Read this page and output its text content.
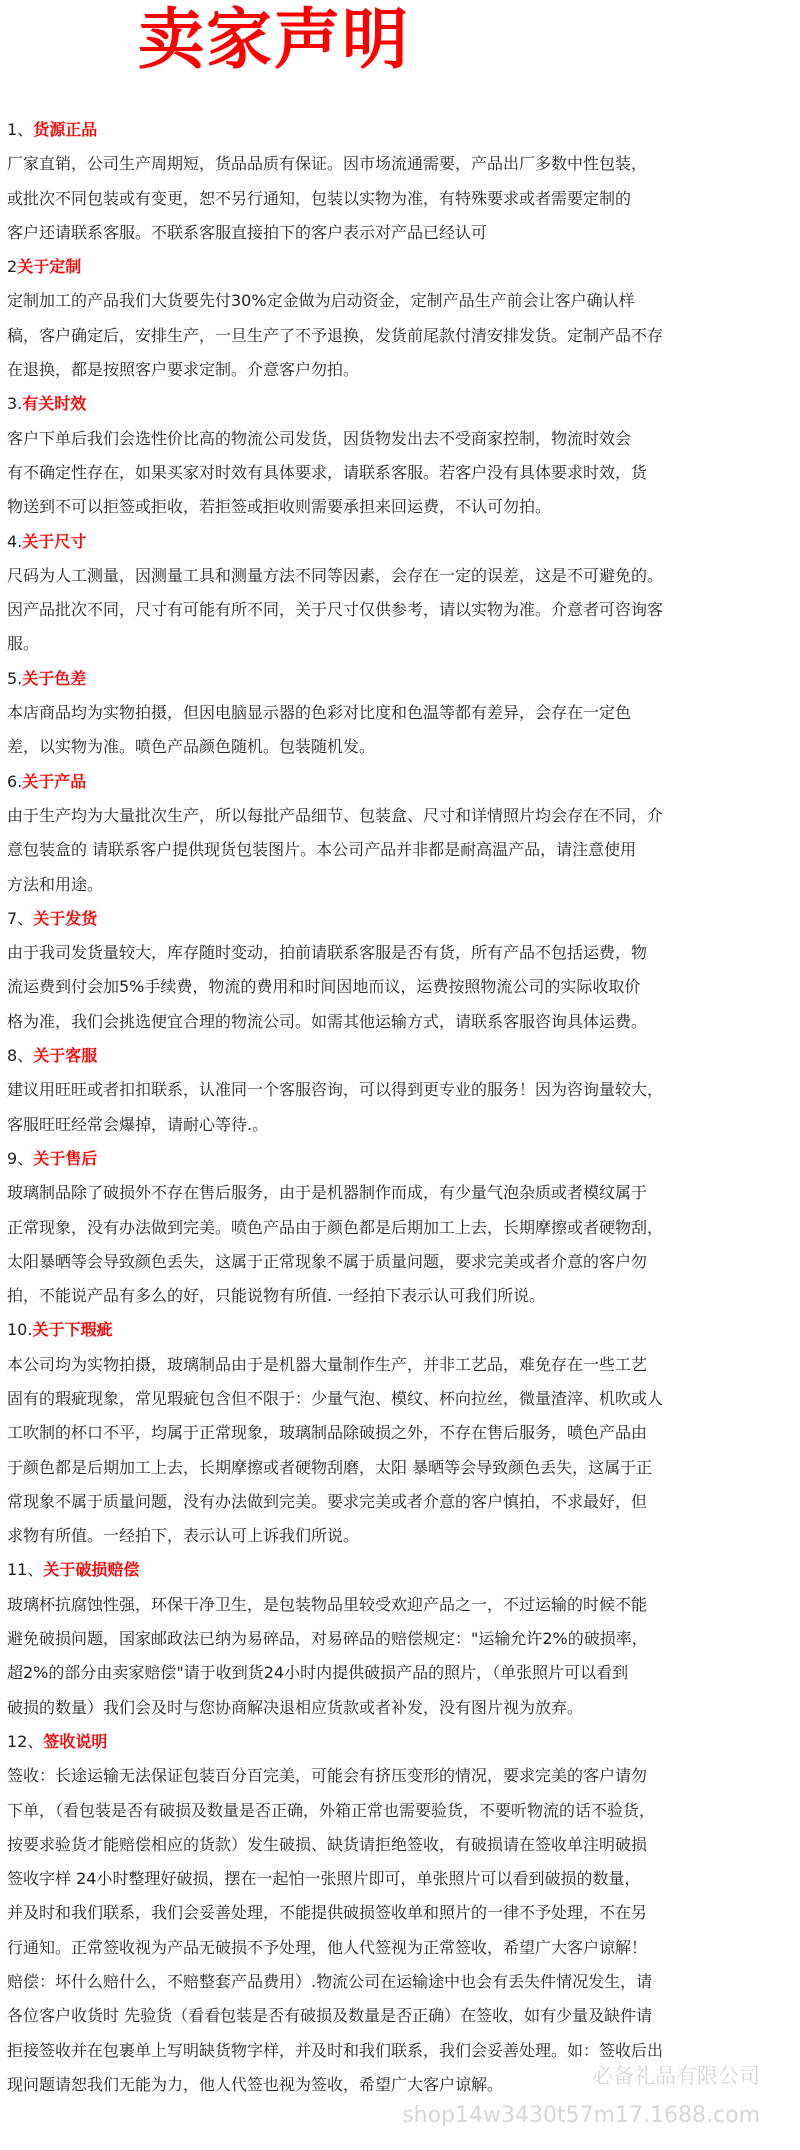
卖家声明
1、货源正品
厂家直销，公司生产周期短，货品品质有保证。因市场流通需要，产品出厂多数中性包装，
或批次不同包装或有变更，恕不另行通知，包装以实物为准，有特殊要求或者需要定制的
客户还请联系客服。不联系客服直接拍下的客户表示对产品已经认可
2关于定制
定制加工的产品我们大货要先付30%定金做为启动资金，定制产品生产前会让客户确认样
稿，客户确定后，安排生产，一旦生产了不予退换，发货前尾款付清安排发货。定制产品不存
在退换，都是按照客户要求定制。介意客户勿拍。
3.有关时效
客户下单后我们会选性价比高的物流公司发货，因货物发出去不受商家控制，物流时效会
有不确定性存在，如果买家对时效有具体要求，请联系客服。若客户没有具体要求时效，货
物送到不可以拒签或拒收，若拒签或拒收则需要承担来回运费，不认可勿拍。
4.关于尺寸
尺码为人工测量，因测量工具和测量方法不同等因素，会存在一定的误差，这是不可避免的。
因产品批次不同，尺寸有可能有所不同，关于尺寸仅供参考，请以实物为准。介意者可咨询客
服。
5.关于色差
本店商品均为实物拍摄，但因电脑显示器的色彩对比度和色温等都有差异，会存在一定色
差，以实物为准。喷色产品颜色随机。包装随机发。
6.关于产品
由于生产均为大量批次生产，所以每批产品细节、包装盒、尺寸和详情照片均会存在不同，介
意包装盒的 请联系客户提供现货包装图片。本公司产品并非都是耐高温产品，请注意使用
方法和用途。
7、关于发货
由于我司发货量较大，库存随时变动，拍前请联系客服是否有货，所有产品不包括运费，物
流运费到付会加5%手续费，物流的费用和时间因地而议，运费按照物流公司的实际收取价
格为准，我们会挑选便宜合理的物流公司。如需其他运输方式，请联系客服咨询具体运费。
8、关于客服
建议用旺旺或者扣扣联系，认准同一个客服咨询，可以得到更专业的服务！因为咨询量较大，
客服旺旺经常会爆掉，请耐心等待.。
9、关于售后
玻璃制品除了破损外不存在售后服务，由于是机器制作而成，有少量气泡杂质或者模纹属于
正常现象，没有办法做到完美。喷色产品由于颜色都是后期加工上去，长期摩擦或者硬物刮，
太阳暴晒等会导致颜色丢失，这属于正常现象不属于质量问题，要求完美或者介意的客户勿
拍，不能说产品有多么的好，只能说物有所值. 一经拍下表示认可我们所说。
10.关于下瑕疵
本公司均为实物拍摄，玻璃制品由于是机器大量制作生产，并非工艺品，难免存在一些工艺
固有的瑕疵现象，常见瑕疵包含但不限于：少量气泡、模纹、杯向拉丝，微量渣滓、机吹或人
工吹制的杯口不平，均属于正常现象，玻璃制品除破损之外，不存在售后服务，喷色产品由
于颜色都是后期加工上去，长期摩擦或者硬物刮磨，太阳 暴晒等会导致颜色丢失，这属于正
常现象不属于质量问题，没有办法做到完美。要求完美或者介意的客户慎拍，不求最好，但
求物有所值。一经拍下，表示认可上诉我们所说。
11、关于破损赔偿
玻璃杯抗腐蚀性强，环保干净卫生，是包装物品里较受欢迎产品之一，不过运输的时候不能
避免破损问题，国家邮政法已纳为易碎品，对易碎品的赔偿规定："运输允许2%的破损率，
超2%的部分由卖家赔偿"请于收到货24小时内提供破损产品的照片，（单张照片可以看到
破损的数量）我们会及时与您协商解决退相应货款或者补发，没有图片视为放弃。
12、签收说明
签收：长途运输无法保证包装百分百完美，可能会有挤压变形的情况，要求完美的客户请勿
下单，（看包装是否有破损及数量是否正确，外箱正常也需要验货，不要听物流的话不验货，
按要求验货才能赔偿相应的货款）发生破损、缺货请拒绝签收，有破损请在签收单注明破损
签收字样 24小时整理好破损，摆在一起怕一张照片即可，单张照片可以看到破损的数量，
并及时和我们联系，我们会妥善处理，不能提供破损签收单和照片的一律不予处理，不在另
行通知。正常签收视为产品无破损不予处理，他人代签视为正常签收，希望广大客户谅解！
赔偿：坏什么赔什么，不赔整套产品费用）.物流公司在运输途中也会有丢失件情况发生，请
各位客户收货时 先验货（看看包装是否有破损及数量是否正确）在签收，如有少量及缺件请
拒接签收并在包裹单上写明缺货物字样，并及时和我们联系，我们会妥善处理。如：签收后出
现问题请恕我们无能为力，他人代签也视为签收，希望广大客户谅解。	必备礼品有限公司
shop14w3430t57m17.1688.com
